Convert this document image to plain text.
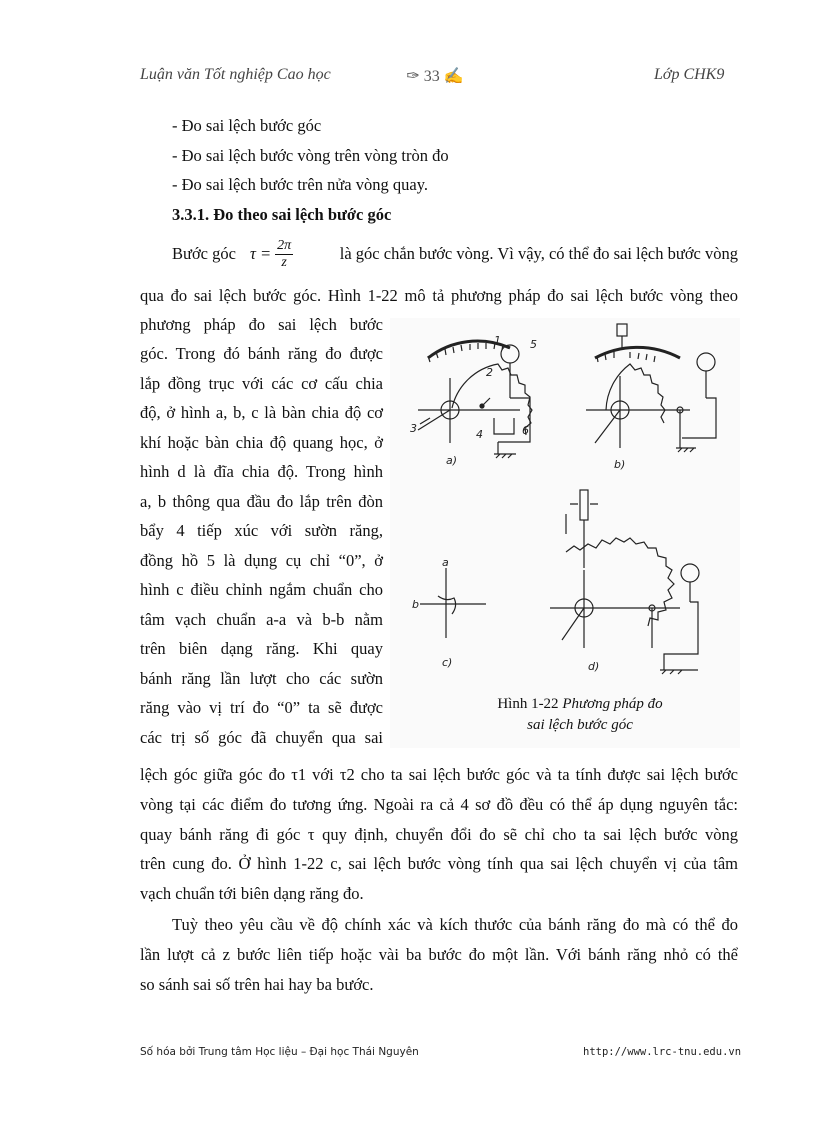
Luận văn Tốt nghiệp Cao học	✑ 33 ✍	Lớp CHK9
- Đo sai lệch bước góc
- Đo sai lệch bước vòng trên vòng tròn đo
- Đo sai lệch bước trên nửa vòng quay.
3.3.1. Đo theo sai lệch bước góc
Bước góc $\tau = \frac{2\pi}{z}$	là góc chắn bước vòng. Vì vậy, có thể đo sai lệch bước vòng
qua đo sai lệch bước góc. Hình 1-22 mô tả phương pháp đo sai lệch bước vòng theo
phương pháp đo sai lệch bước
góc. Trong đó bánh răng đo được
lắp đồng trục với các cơ cấu chia
độ, ở hình a, b, c là bàn chia độ cơ
khí hoặc bàn chia độ quang học, ở
hình d là đĩa chia độ. Trong hình
a, b thông qua đầu đo lắp trên đòn
bẩy 4 tiếp xúc với sườn răng,
đồng hồ 5 là dụng cụ chỉ “0”, ở
hình c điều chỉnh ngắm chuẩn cho
tâm vạch chuẩn a-a và b-b nằm
trên biên dạng răng. Khi quay
bánh răng lần lượt cho các sườn
răng vào vị trí đo “0” ta sẽ được
các trị số góc đã chuyển qua sai
a)	b)
c)	d)
1
2
3	4
5
6
a
b
Hình 1-22 Phương pháp đo
sai lệch bước góc
lệch góc giữa góc đo τ1 với τ2 cho ta sai lệch bước góc và ta tính được sai lệch bước
vòng tại các điểm đo tương ứng. Ngoài ra cả 4 sơ đồ đều có thể áp dụng nguyên tắc:
quay bánh răng đi góc τ quy định, chuyển đổi đo sẽ chỉ cho ta sai lệch bước vòng
trên cung đo. Ở hình 1-22 c, sai lệch bước vòng tính qua sai lệch chuyển vị của tâm
vạch chuẩn tới biên dạng răng đo.
Tuỳ theo yêu cầu về độ chính xác và kích thước của bánh răng đo mà có thể đo
lần lượt cả z bước liên tiếp hoặc vài ba bước đo một lần. Với bánh răng nhỏ có thể
so sánh sai số trên hai hay ba bước.
Số hóa bởi Trung tâm Học liệu – Đại học Thái Nguyên	http://www.lrc-tnu.edu.vn
